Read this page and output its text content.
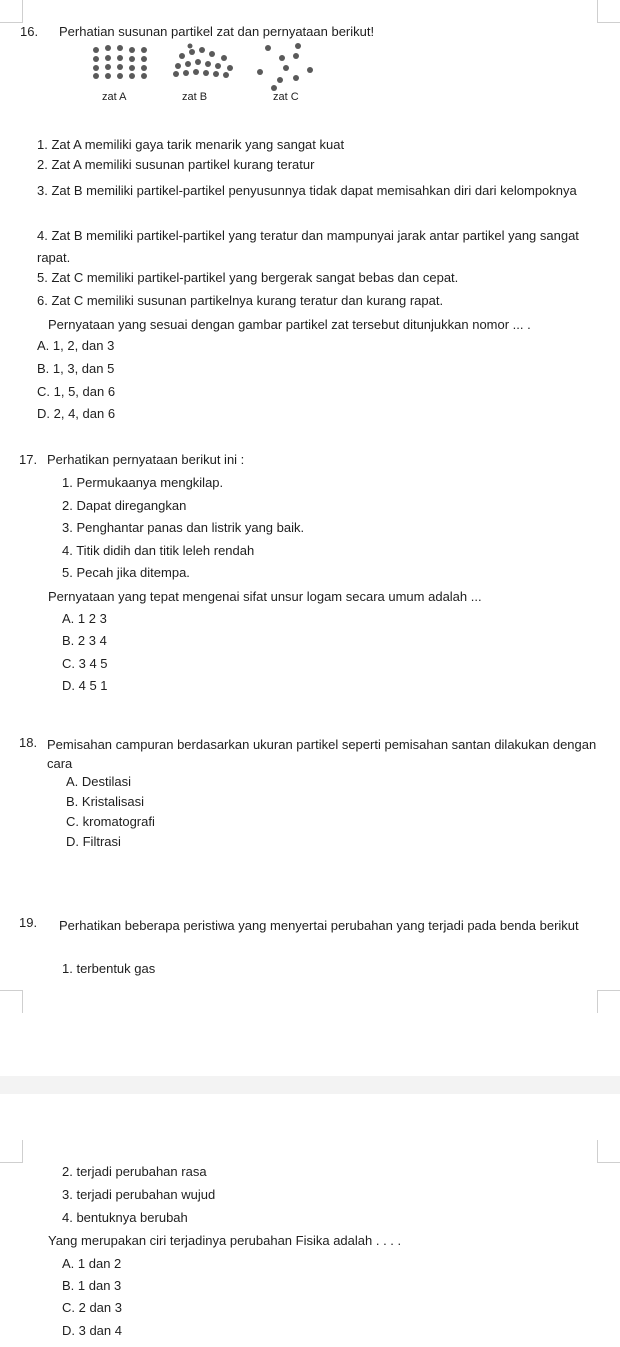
16. Perhatian susunan partikel zat dan pernyataan berikut!
zat A	zat B	zat C
1. Zat A memiliki gaya tarik menarik yang sangat kuat
2. Zat A memiliki susunan partikel kurang teratur
3. Zat B memiliki partikel-partikel penyusunnya tidak dapat memisahkan diri dari kelompoknya
4. Zat B memiliki partikel-partikel yang teratur dan mampunyai jarak antar partikel yang sangat rapat.
5. Zat C memiliki partikel-partikel yang bergerak sangat bebas dan cepat.
6. Zat C memiliki susunan partikelnya kurang teratur dan kurang rapat.
Pernyataan yang sesuai dengan gambar partikel zat tersebut ditunjukkan nomor ... .
A. 1, 2, dan 3
B. 1, 3, dan 5
C. 1, 5, dan 6
D. 2, 4, dan 6
17. Perhatikan pernyataan berikut ini :
1. Permukaanya mengkilap.
2. Dapat diregangkan
3. Penghantar panas dan listrik yang baik.
4. Titik didih dan titik leleh rendah
5. Pecah jika ditempa.
Pernyataan yang tepat mengenai sifat unsur logam secara umum adalah ...
A. 1 2 3
B. 2 3 4
C. 3 4 5
D. 4 5 1
18. Pemisahan campuran berdasarkan ukuran partikel seperti pemisahan santan dilakukan dengan cara
A. Destilasi
B. Kristalisasi
C. kromatografi
D. Filtrasi
19.	Perhatikan beberapa peristiwa yang menyertai perubahan yang terjadi pada benda berikut
1. terbentuk gas
2. terjadi perubahan rasa
3. terjadi perubahan wujud
4. bentuknya berubah
Yang merupakan ciri terjadinya perubahan Fisika adalah . . . .
A. 1 dan 2
B. 1 dan 3
C. 2 dan 3
D. 3 dan 4
